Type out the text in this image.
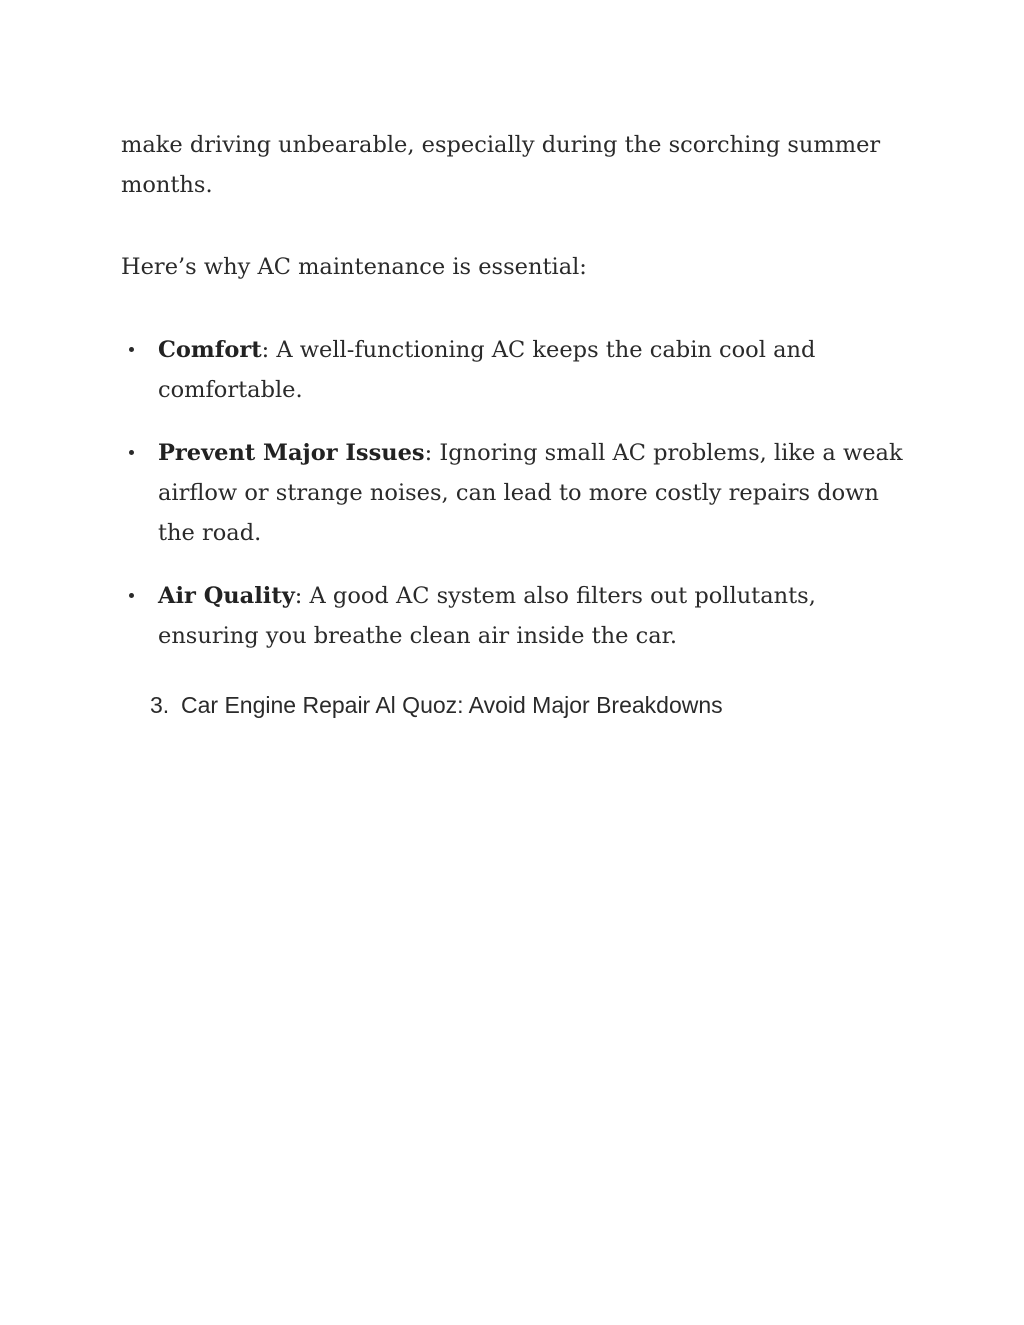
make driving unbearable, especially during the scorching summer months.

Here’s why AC maintenance is essential:

Comfort: A well-functioning AC keeps the cabin cool and comfortable.
Prevent Major Issues: Ignoring small AC problems, like a weak airflow or strange noises, can lead to more costly repairs down the road.
Air Quality: A good AC system also filters out pollutants, ensuring you breathe clean air inside the car.
3. Car Engine Repair Al Quoz: Avoid Major Breakdowns
